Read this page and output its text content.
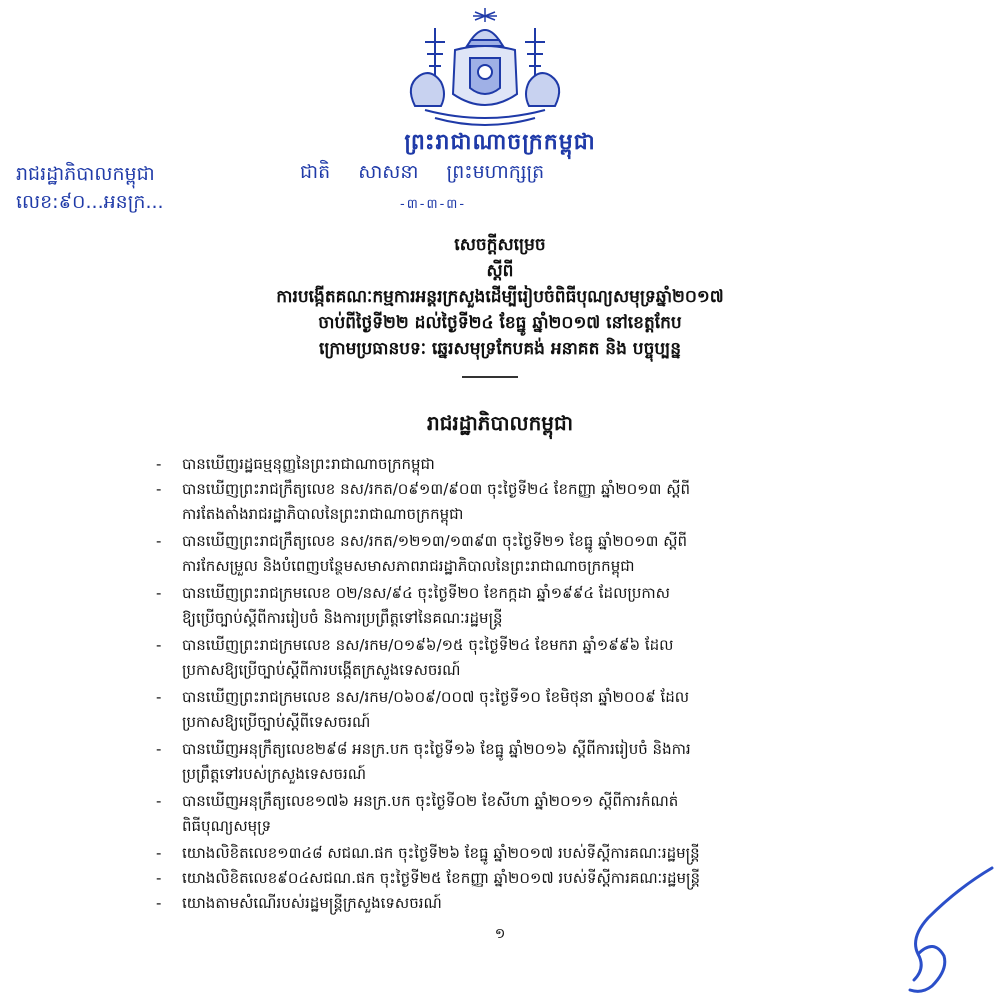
ព្រះរាជាណាចក្រកម្ពុជា
រាជរដ្ឋាភិបាលកម្ពុជា
លេខ:៩០...អនក្រ...
ជាតិ សាសនា ព្រះមហាក្សត្រ
-៣-៣-៣-
សេចក្តីសម្រេច
ស្តីពី
ការបង្កើតគណៈកម្មការអន្តរក្រសួងដើម្បីរៀបចំពិធីបុណ្យសមុទ្រឆ្នាំ២០១៧
ចាប់ពីថ្ងៃទី២២ ដល់ថ្ងៃទី២៤ ខែធ្នូ ឆ្នាំ២០១៧ នៅខេត្តកែប
ក្រោមប្រធានបទៈ ឆ្នេរសមុទ្រកែបគង់ អនាគត និង បច្ចុប្បន្ន
រាជរដ្ឋាភិបាលកម្ពុជា
- បានឃើញរដ្ឋធម្មនុញ្ញនៃព្រះរាជាណាចក្រកម្ពុជា
- បានឃើញព្រះរាជក្រឹត្យលេខ នស/រកត/០៩១៣/៩០៣ ចុះថ្ងៃទី២៤ ខែកញ្ញា ឆ្នាំ២០១៣ ស្តីពី
ការតែងតាំងរាជរដ្ឋាភិបាលនៃព្រះរាជាណាចក្រកម្ពុជា
- បានឃើញព្រះរាជក្រឹត្យលេខ នស/រកត/១២១៣/១៣៩៣ ចុះថ្ងៃទី២១ ខែធ្នូ ឆ្នាំ២០១៣ ស្តីពី
ការកែសម្រួល និងបំពេញបន្ថែមសមាសភាពរាជរដ្ឋាភិបាលនៃព្រះរាជាណាចក្រកម្ពុជា
- បានឃើញព្រះរាជក្រមលេខ ០២/នស/៩៤ ចុះថ្ងៃទី២០ ខែកក្កដា ឆ្នាំ១៩៩៤ ដែលប្រកាស
ឱ្យប្រើច្បាប់ស្តីពីការរៀបចំ និងការប្រព្រឹត្តទៅនៃគណៈរដ្ឋមន្ត្រី
- បានឃើញព្រះរាជក្រមលេខ នស/រកម/០១៩៦/១៥ ចុះថ្ងៃទី២៤ ខែមករា ឆ្នាំ១៩៩៦ ដែល
ប្រកាសឱ្យប្រើច្បាប់ស្តីពីការបង្កើតក្រសួងទេសចរណ៍
- បានឃើញព្រះរាជក្រមលេខ នស/រកម/០៦០៩/០០៧ ចុះថ្ងៃទី១០ ខែមិថុនា ឆ្នាំ២០០៩ ដែល
ប្រកាសឱ្យប្រើច្បាប់ស្តីពីទេសចរណ៍
- បានឃើញអនុក្រឹត្យលេខ២៩៨ អនក្រ.បក ចុះថ្ងៃទី១៦ ខែធ្នូ ឆ្នាំ២០១៦ ស្តីពីការរៀបចំ និងការ
ប្រព្រឹត្តទៅរបស់ក្រសួងទេសចរណ៍
- បានឃើញអនុក្រឹត្យលេខ១៧៦ អនក្រ.បក ចុះថ្ងៃទី០២ ខែសីហា ឆ្នាំ២០១១ ស្តីពីការកំណត់
ពិធីបុណ្យសមុទ្រ
- យោងលិខិតលេខ១៣៤៨ សជណ.ផក ចុះថ្ងៃទី២៦ ខែធ្នូ ឆ្នាំ២០១៧ របស់ទីស្តីការគណៈរដ្ឋមន្ត្រី
- យោងលិខិតលេខ៩០៤សជណ.ផក ចុះថ្ងៃទី២៥ ខែកញ្ញា ឆ្នាំ២០១៧ របស់ទីស្តីការគណៈរដ្ឋមន្ត្រី
- យោងតាមសំណើរបស់រដ្ឋមន្ត្រីក្រសួងទេសចរណ៍
១
